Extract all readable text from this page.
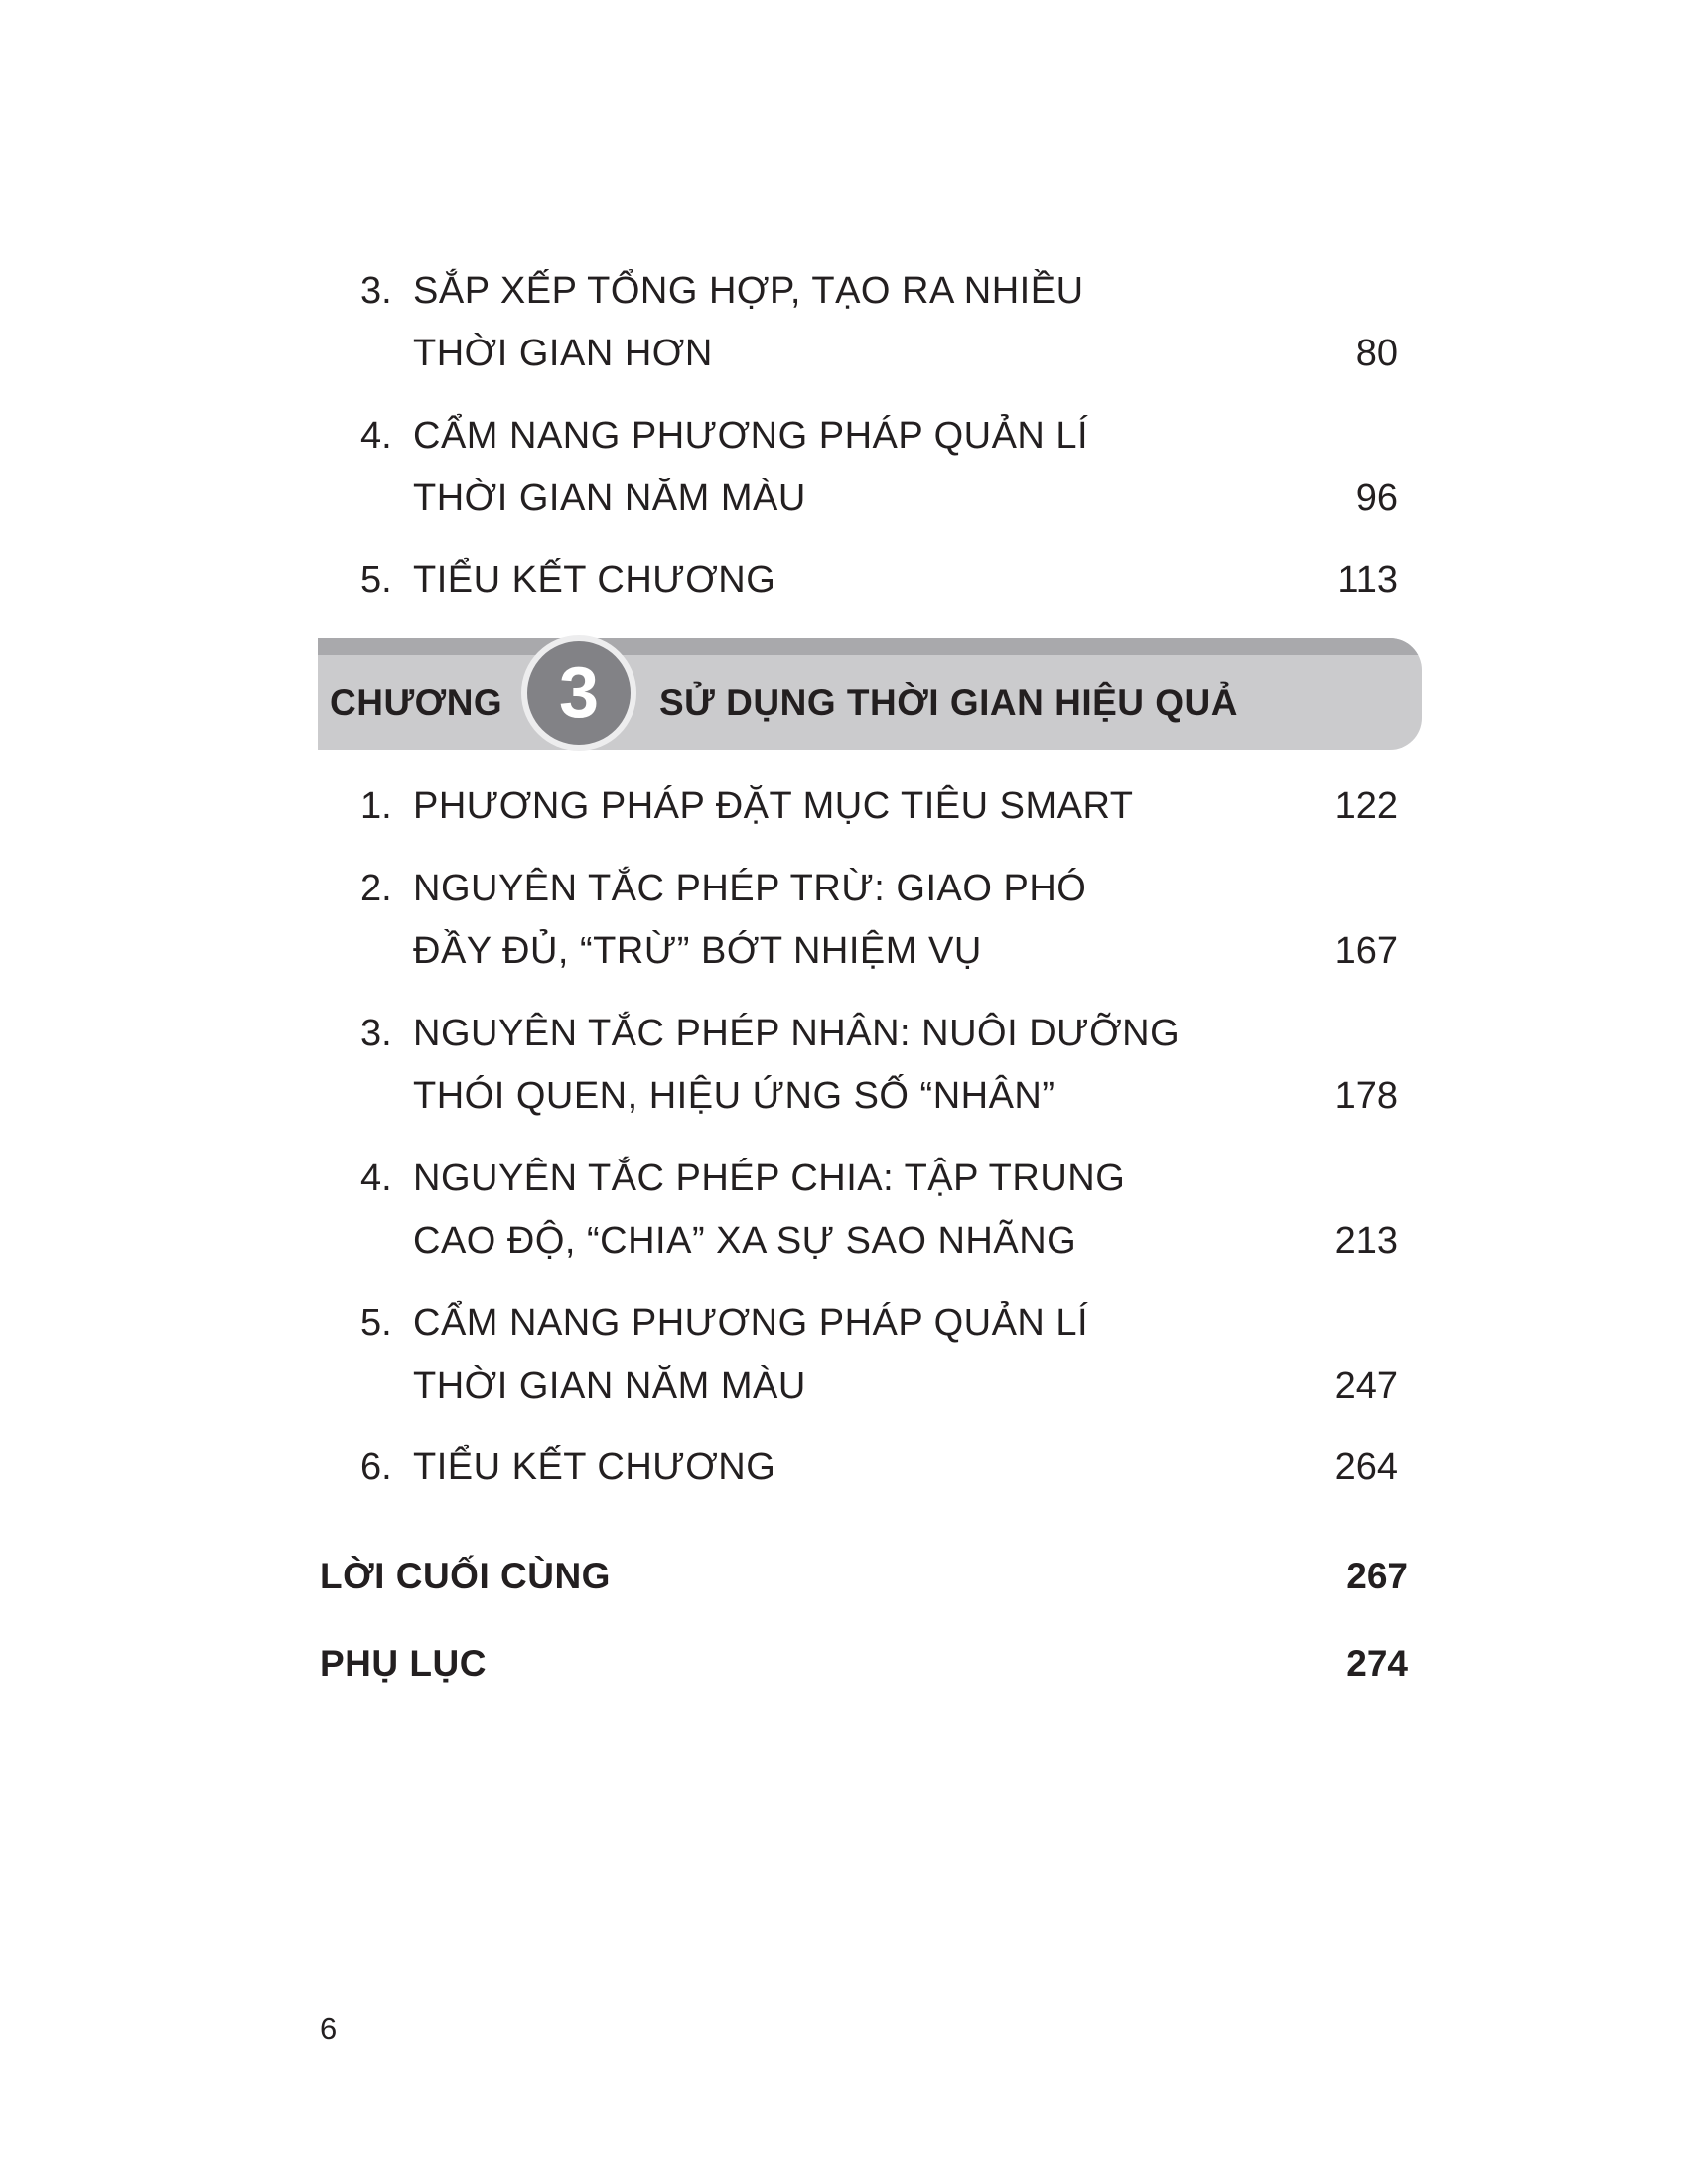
3. SẮP XẾP TỔNG HỢP, TẠO RA NHIỀU
THỜI GIAN HƠN	80
4. CẨM NANG PHƯƠNG PHÁP QUẢN LÍ
THỜI GIAN NĂM MÀU	96
5. TIỂU KẾT CHƯƠNG	113
CHƯƠNG 3	SỬ DỤNG THỜI GIAN HIỆU QUẢ
1. PHƯƠNG PHÁP ĐẶT MỤC TIÊU SMART	122
2. NGUYÊN TẮC PHÉP TRỪ: GIAO PHÓ
ĐẦY ĐỦ, “TRỪ” BỚT NHIỆM VỤ	167
3. NGUYÊN TẮC PHÉP NHÂN: NUÔI DƯỠNG
THÓI QUEN, HIỆU ỨNG SỐ “NHÂN”	178
4. NGUYÊN TẮC PHÉP CHIA: TẬP TRUNG
CAO ĐỘ, “CHIA” XA SỰ SAO NHÃNG	213
5. CẨM NANG PHƯƠNG PHÁP QUẢN LÍ
THỜI GIAN NĂM MÀU	247
6. TIỂU KẾT CHƯƠNG	264
LỜI CUỐI CÙNG	267
PHỤ LỤC	274
6
